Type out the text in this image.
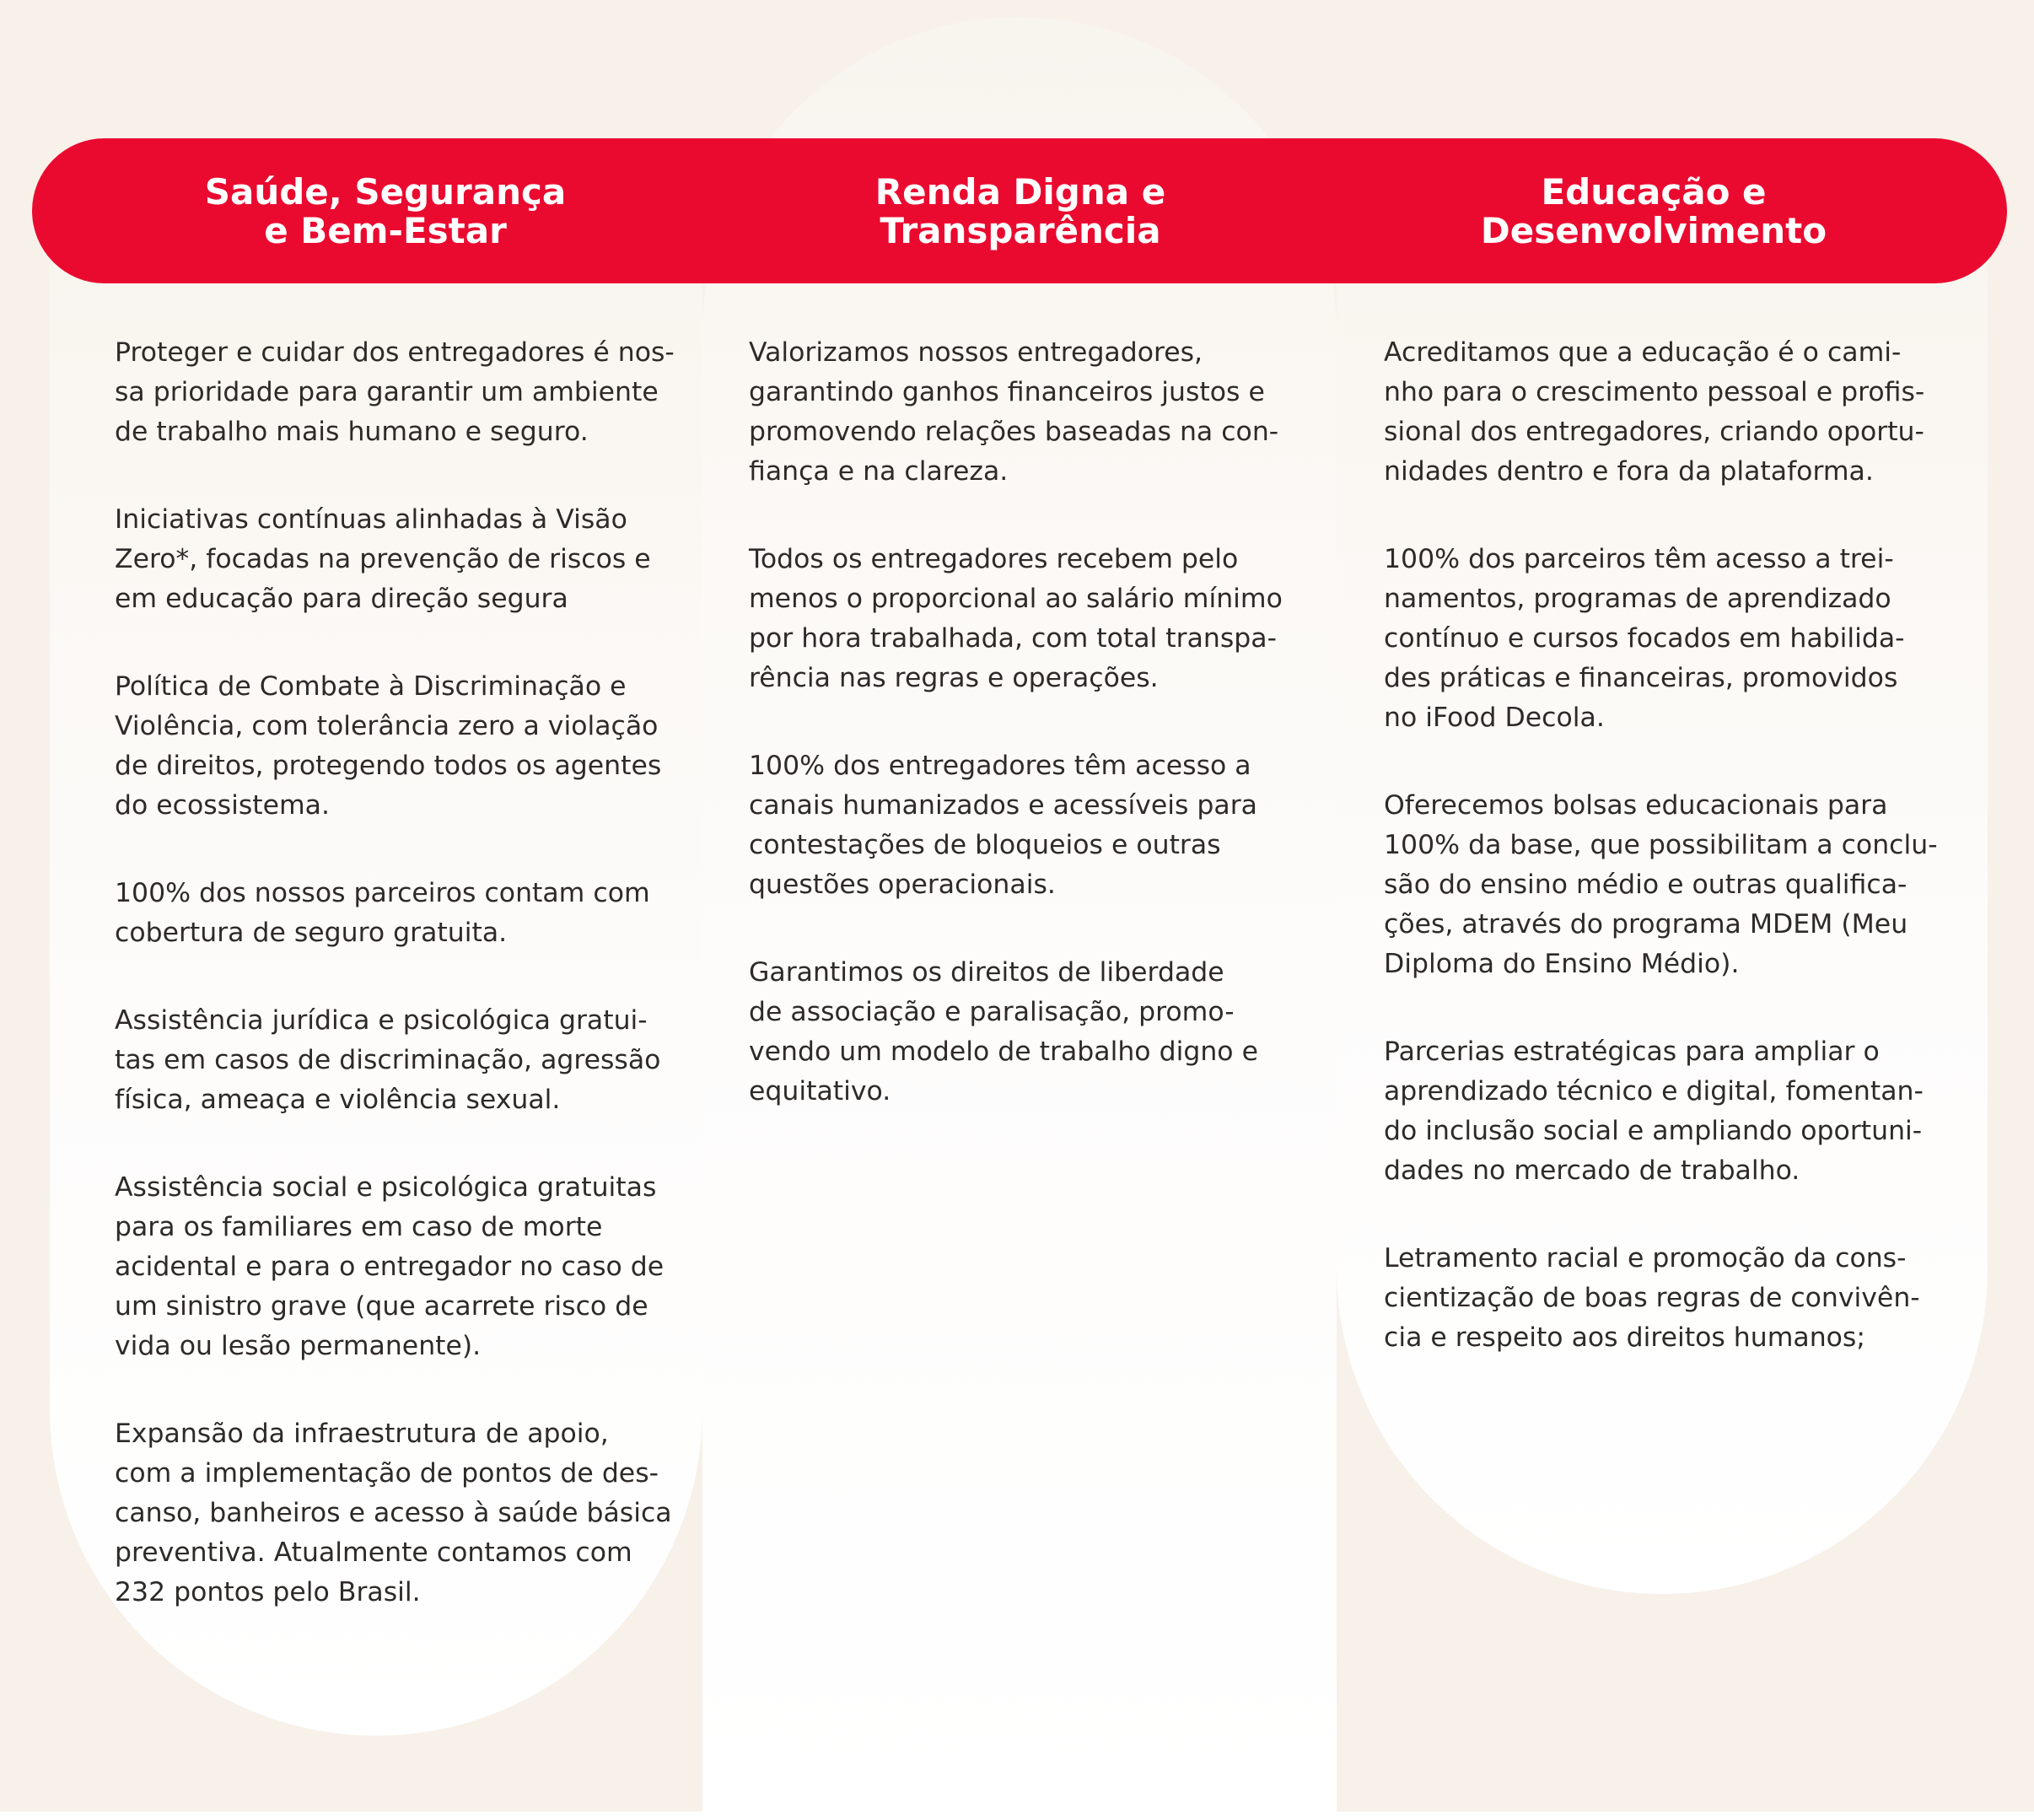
Saúde, Segurança
e Bem-Estar
Renda Digna e
Transparência
Educação e
Desenvolvimento

Proteger e cuidar dos entregadores é nos-
sa prioridade para garantir um ambiente
de trabalho mais humano e seguro.

Iniciativas contínuas alinhadas à Visão
Zero*, focadas na prevenção de riscos e
em educação para direção segura

Política de Combate à Discriminação e
Violência, com tolerância zero a violação
de direitos, protegendo todos os agentes
do ecossistema.

100% dos nossos parceiros contam com
cobertura de seguro gratuita.

Assistência jurídica e psicológica gratui-
tas em casos de discriminação, agressão
física, ameaça e violência sexual.

Assistência social e psicológica gratuitas
para os familiares em caso de morte
acidental e para o entregador no caso de
um sinistro grave (que acarrete risco de
vida ou lesão permanente).

Expansão da infraestrutura de apoio,
com a implementação de pontos de des-
canso, banheiros e acesso à saúde básica
preventiva. Atualmente contamos com
232 pontos pelo Brasil.

Valorizamos nossos entregadores,
garantindo ganhos financeiros justos e
promovendo relações baseadas na con-
fiança e na clareza.

Todos os entregadores recebem pelo
menos o proporcional ao salário mínimo
por hora trabalhada, com total transpa-
rência nas regras e operações.

100% dos entregadores têm acesso a
canais humanizados e acessíveis para
contestações de bloqueios e outras
questões operacionais.

Garantimos os direitos de liberdade
de associação e paralisação, promo-
vendo um modelo de trabalho digno e
equitativo.

Acreditamos que a educação é o cami-
nho para o crescimento pessoal e profis-
sional dos entregadores, criando oportu-
nidades dentro e fora da plataforma.

100% dos parceiros têm acesso a trei-
namentos, programas de aprendizado
contínuo e cursos focados em habilida-
des práticas e financeiras, promovidos
no iFood Decola.

Oferecemos bolsas educacionais para
100% da base, que possibilitam a conclu-
são do ensino médio e outras qualifica-
ções, através do programa MDEM (Meu
Diploma do Ensino Médio).

Parcerias estratégicas para ampliar o
aprendizado técnico e digital, fomentan-
do inclusão social e ampliando oportuni-
dades no mercado de trabalho.

Letramento racial e promoção da cons-
cientização de boas regras de convivên-
cia e respeito aos direitos humanos;
